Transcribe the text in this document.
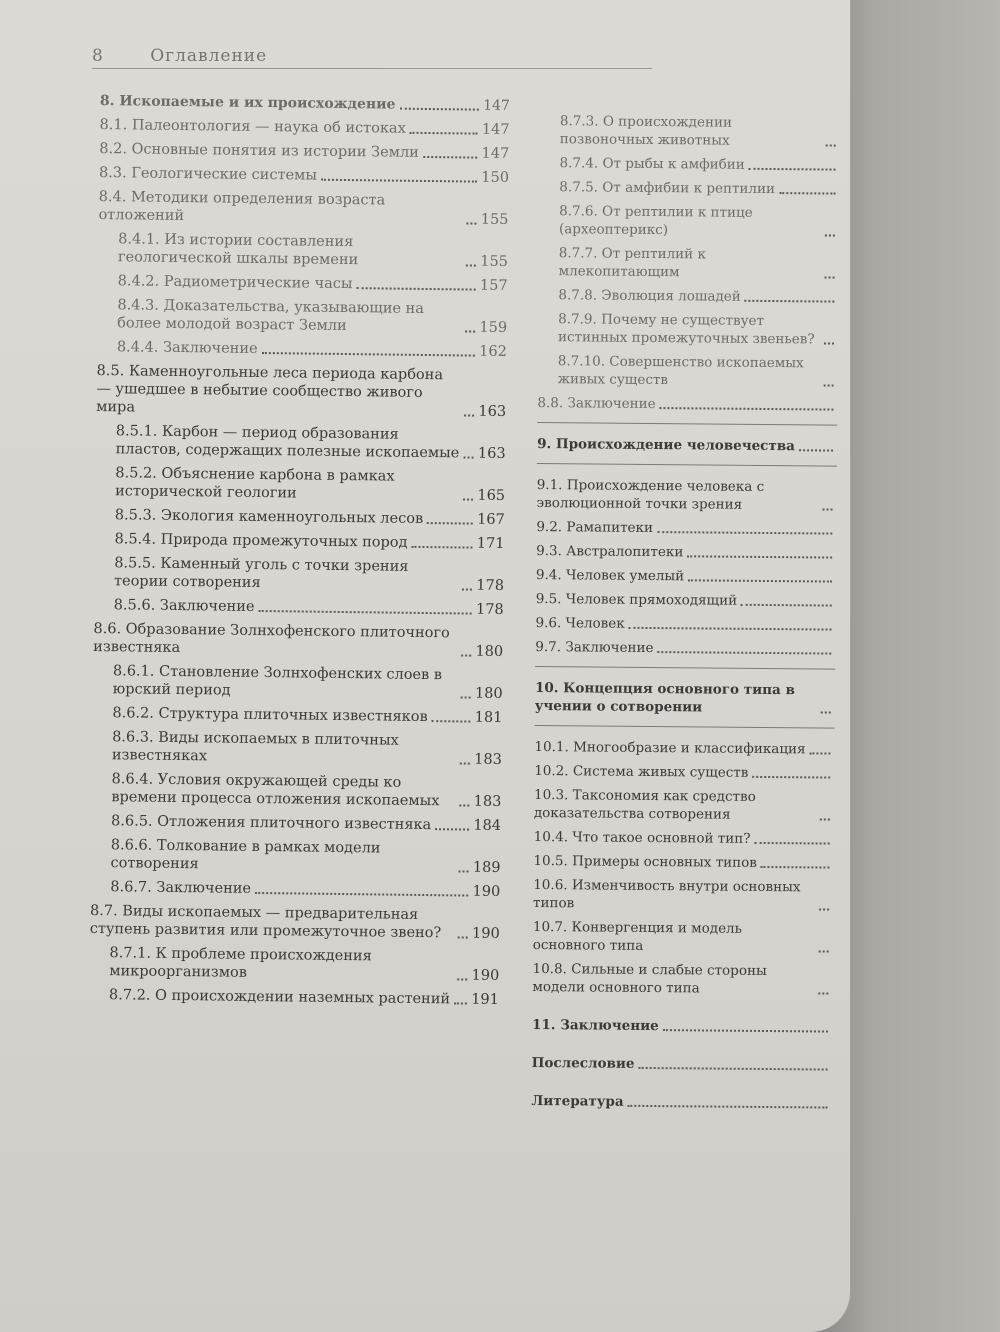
8	Оглавление
8. Ископаемые и их происхождение	147
8.1. Палеонтология — наука об истоках	147
8.2. Основные понятия из истории Земли	147
8.3. Геологические системы	150
8.4. Методики определения возраста отложений	155
8.4.1. Из истории составления геологической шкалы времени	155
8.4.2. Радиометрические часы	157
8.4.3. Доказательства, указывающие на более молодой возраст Земли	159
8.4.4. Заключение	162
8.5. Каменноугольные леса периода карбона — ушедшее в небытие сообщество живого мира	163
8.5.1. Карбон — период образования пластов, содержащих полезные ископаемые 163
8.5.2. Объяснение карбона в рамках исторической геологии	165
8.5.3. Экология каменноугольных лесов	167
8.5.4. Природа промежуточных пород	171
8.5.5. Каменный уголь с точки зрения теории сотворения	178
8.5.6. Заключение	178
8.6. Образование Золнхофенского плиточного известняка	180
8.6.1. Становление Золнхофенских слоев в юрский период	180
8.6.2. Структура плиточных известняков	181
8.6.3. Виды ископаемых в плиточных известняках	183
8.6.4. Условия окружающей среды ко времени процесса отложения ископаемых	183
8.6.5. Отложения плиточного известняка	184
8.6.6. Толкование в рамках модели сотворения	189
8.6.7. Заключение	190
8.7. Виды ископаемых — предварительная ступень развития или промежуточное звено?	190
8.7.1. К проблеме происхождения микроорганизмов	190
8.7.2. О происхождении наземных растений 191
8.7.3. О происхождении позвоночных животных
8.7.4. От рыбы к амфибии
8.7.5. От амфибии к рептилии
8.7.6. От рептилии к птице (археоптерикс)
8.7.7. От рептилий к млекопитающим
8.7.8. Эволюция лошадей
8.7.9. Почему не существует истинных промежуточных звеньев?
8.7.10. Совершенство ископаемых живых существ
8.8. Заключение
9. Происхождение человечества
9.1. Происхождение человека с эволюционной точки зрения
9.2. Рамапитеки
9.3. Австралопитеки
9.4. Человек умелый
9.5. Человек прямоходящий
9.6. Человек
9.7. Заключение
10. Концепция основного типа в учении о сотворении
10.1. Многообразие и классификация
10.2. Система живых существ
10.3. Таксономия как средство доказательства сотворения
10.4. Что такое основной тип?
10.5. Примеры основных типов
10.6. Изменчивость внутри основных типов
10.7. Конвергенция и модель основного типа
10.8. Сильные и слабые стороны модели основного типа
11. Заключение
Послесловие
Литература
